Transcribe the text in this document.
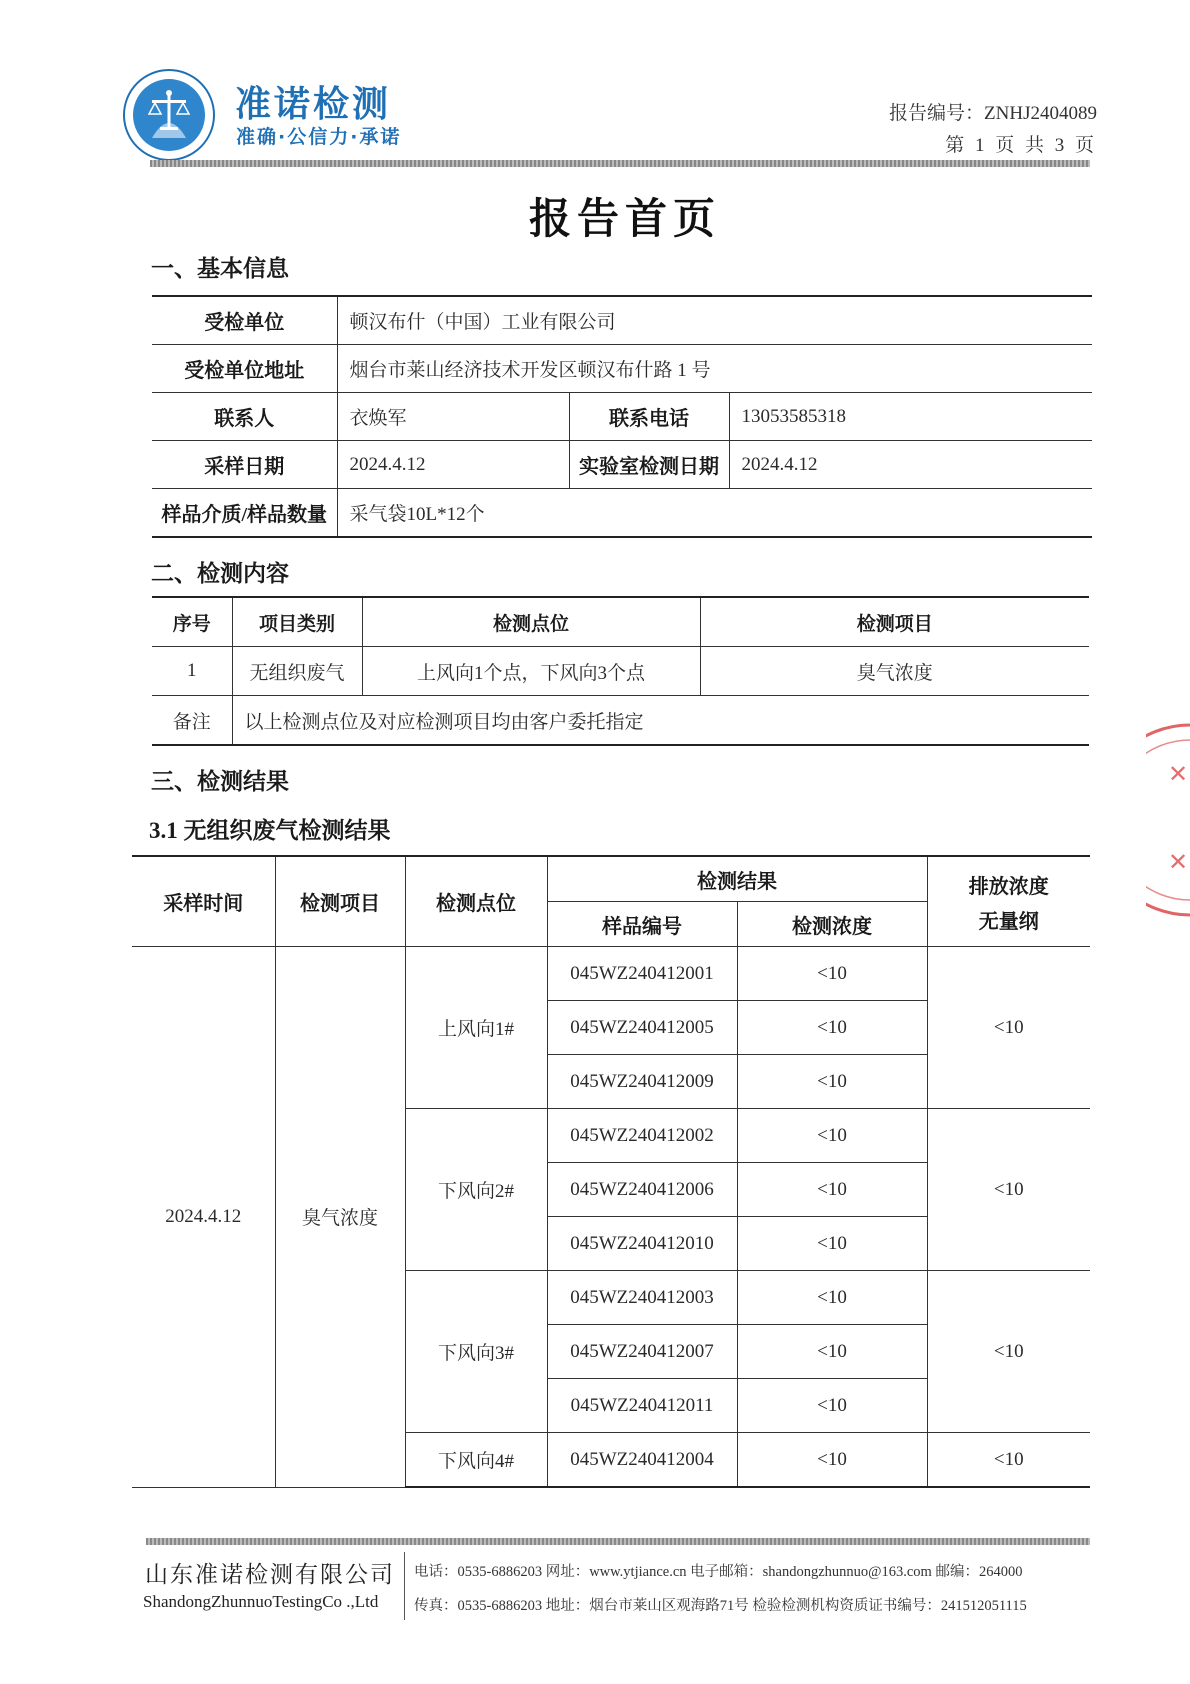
准诺检测
准确·公信力·承诺
报告编号：ZNHJ2404089
第 1 页 共 3 页
报告首页
一、基本信息
受检单位	顿汉布什（中国）工业有限公司		
受检单位地址	烟台市莱山经济技术开发区顿汉布什路 1 号		
联系人	衣焕军	联系电话	13053585318
采样日期	2024.4.12	实验室检测日期	2024.4.12
样品介质/样品数量	采气袋10L*12个		
二、检测内容
序号	项目类别	检测点位	检测项目
1	无组织废气	上风向1个点，下风向3个点	臭气浓度
备注	以上检测点位及对应检测项目均由客户委托指定		
三、检测结果
3.1 无组织废气检测结果
采样时间	检测项目	检测点位	检测结果		排放浓度
无量纲

			样品编号	检测浓度	
2024.4.12	臭气浓度	上风向1#	045WZ240412001	<10	<10
			045WZ240412005	<10	
			045WZ240412009	<10	
		下风向2#	045WZ240412002	<10	<10
			045WZ240412006	<10	
			045WZ240412010	<10	
		下风向3#	045WZ240412003	<10	<10
			045WZ240412007	<10	
			045WZ240412011	<10	
		下风向4#	045WZ240412004	<10	<10
山东准诺检测有限公司
ShandongZhunnuoTestingCo .,Ltd
电话：0535-6886203 网址：www.ytjiance.cn 电子邮箱：shandongzhunnuo@163.com 邮编：264000
传真：0535-6886203 地址：烟台市莱山区观海路71号 检验检测机构资质证书编号：241512051115
✕
✕
